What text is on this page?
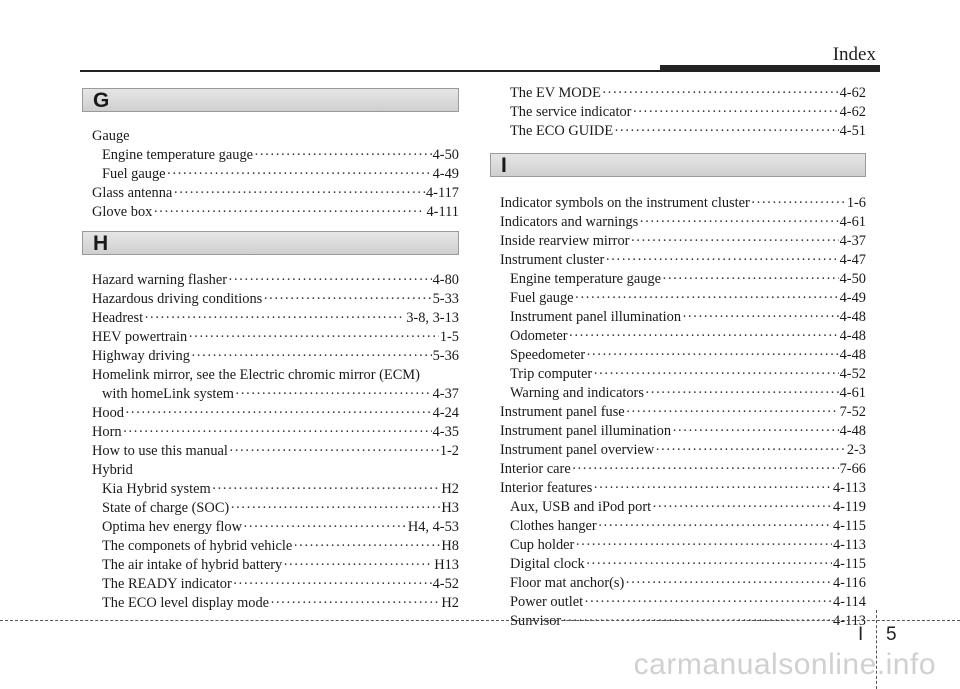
Index
G
Gauge
Engine temperature gauge ·····	4-50
Fuel gauge ·····	4-49
Glass antenna ·····	4-117
Glove box ·····	4-111
H
Hazard warning flasher ·····	4-80
Hazardous driving conditions ·····	5-33
Headrest ·····	3-8, 3-13
HEV powertrain ·····	1-5
Highway driving ·····	5-36
Homelink mirror, see the Electric chromic mirror (ECM)
with homeLink system ·····	4-37
Hood ·····	4-24
Horn ·····	4-35
How to use this manual ·····	1-2
Hybrid
Kia Hybrid system ·····	H2
State of charge (SOC) ·····	H3
Optima hev energy flow ·····	H4, 4-53
The componets of hybrid vehicle ·····	H8
The air intake of hybrid battery ·····	H13
The READY indicator ·····	4-52
The ECO level display mode ·····	H2
The EV MODE ·····	4-62
The service indicator ·····	4-62
The ECO GUIDE ·····	4-51
I
Indicator symbols on the instrument cluster ·····	1-6
Indicators and warnings ·····	4-61
Inside rearview mirror ·····	4-37
Instrument cluster ·····	4-47
Engine temperature gauge ·····	4-50
Fuel gauge ·····	4-49
Instrument panel illumination ·····	4-48
Odometer ·····	4-48
Speedometer ·····	4-48
Trip computer ·····	4-52
Warning and indicators ·····	4-61
Instrument panel fuse ·····	7-52
Instrument panel illumination ·····	4-48
Instrument panel overview ·····	2-3
Interior care ·····	7-66
Interior features ·····	4-113
Aux, USB and iPod port ·····	4-119
Clothes hanger ·····	4-115
Cup holder ·····	4-113
Digital clock ·····	4-115
Floor mat anchor(s) ·····	4-116
Power outlet ·····	4-114
Sunvisor ·····	4-113
I 5
carmanualsonline.info
